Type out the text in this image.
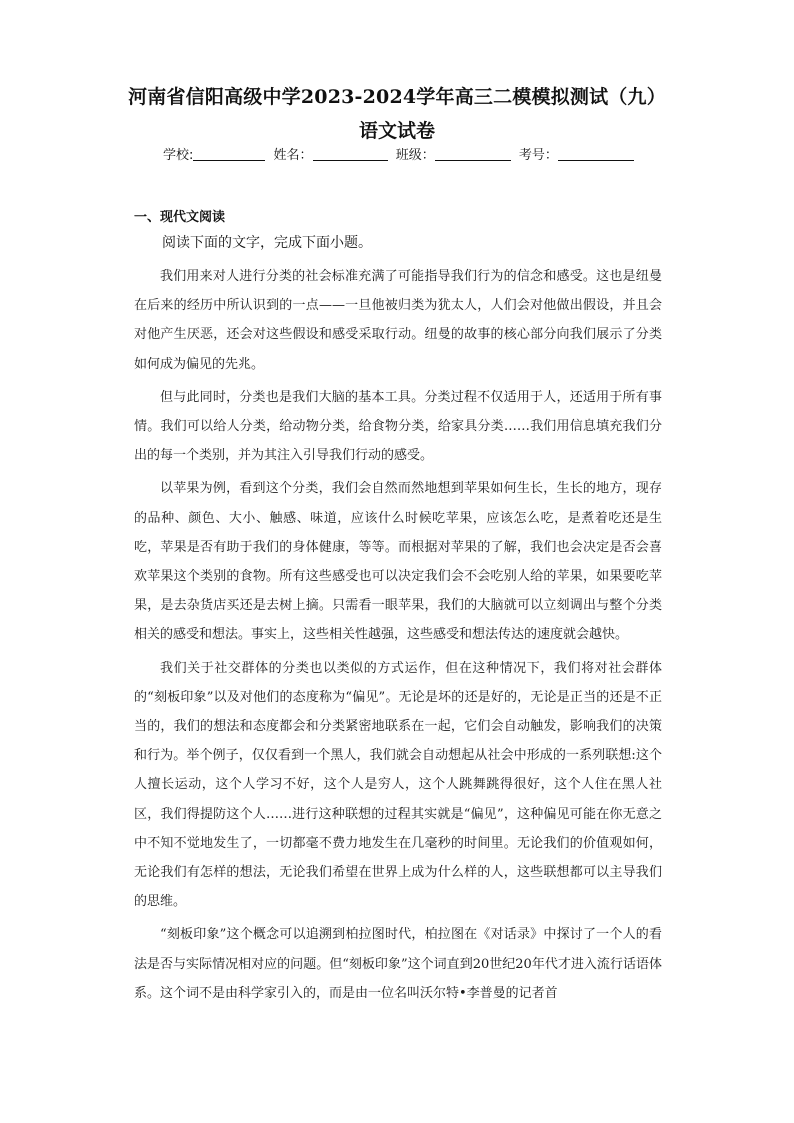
河南省信阳高级中学2023-2024学年高三二模模拟测试（九）
语文试卷
学校:	姓名：	班级：	考号：
一、现代文阅读
阅读下面的文字，完成下面小题。

我们用来对人进行分类的社会标准充满了可能指导我们行为的信念和感受。这也是纽曼在后来的经历中所认识到的一点——一旦他被归类为犹太人，人们会对他做出假设，并且会对他产生厌恶，还会对这些假设和感受采取行动。纽曼的故事的核心部分向我们展示了分类如何成为偏见的先兆。

但与此同时，分类也是我们大脑的基本工具。分类过程不仅适用于人，还适用于所有事情。我们可以给人分类，给动物分类，给食物分类，给家具分类……我们用信息填充我们分出的每一个类别，并为其注入引导我们行动的感受。

以苹果为例，看到这个分类，我们会自然而然地想到苹果如何生长，生长的地方，现存的品种、颜色、大小、触感、味道，应该什么时候吃苹果，应该怎么吃，是煮着吃还是生吃，苹果是否有助于我们的身体健康，等等。而根据对苹果的了解，我们也会决定是否会喜欢苹果这个类别的食物。所有这些感受也可以决定我们会不会吃别人给的苹果，如果要吃苹果，是去杂货店买还是去树上摘。只需看一眼苹果，我们的大脑就可以立刻调出与整个分类相关的感受和想法。事实上，这些相关性越强，这些感受和想法传达的速度就会越快。

我们关于社交群体的分类也以类似的方式运作，但在这种情况下，我们将对社会群体的“刻板印象”以及对他们的态度称为“偏见”。无论是坏的还是好的，无论是正当的还是不正当的，我们的想法和态度都会和分类紧密地联系在一起，它们会自动触发，影响我们的决策和行为。举个例子，仅仅看到一个黑人，我们就会自动想起从社会中形成的一系列联想:这个人擅长运动，这个人学习不好，这个人是穷人，这个人跳舞跳得很好，这个人住在黑人社区，我们得提防这个人……进行这种联想的过程其实就是“偏见”，这种偏见可能在你无意之中不知不觉地发生了，一切都毫不费力地发生在几毫秒的时间里。无论我们的价值观如何，无论我们有怎样的想法，无论我们希望在世界上成为什么样的人，这些联想都可以主导我们的思维。

“刻板印象”这个概念可以追溯到柏拉图时代，柏拉图在《对话录》中探讨了一个人的看法是否与实际情况相对应的问题。但“刻板印象”这个词直到20世纪20年代才进入流行话语体系。这个词不是由科学家引入的，而是由一位名叫沃尔特•李普曼的记者首
